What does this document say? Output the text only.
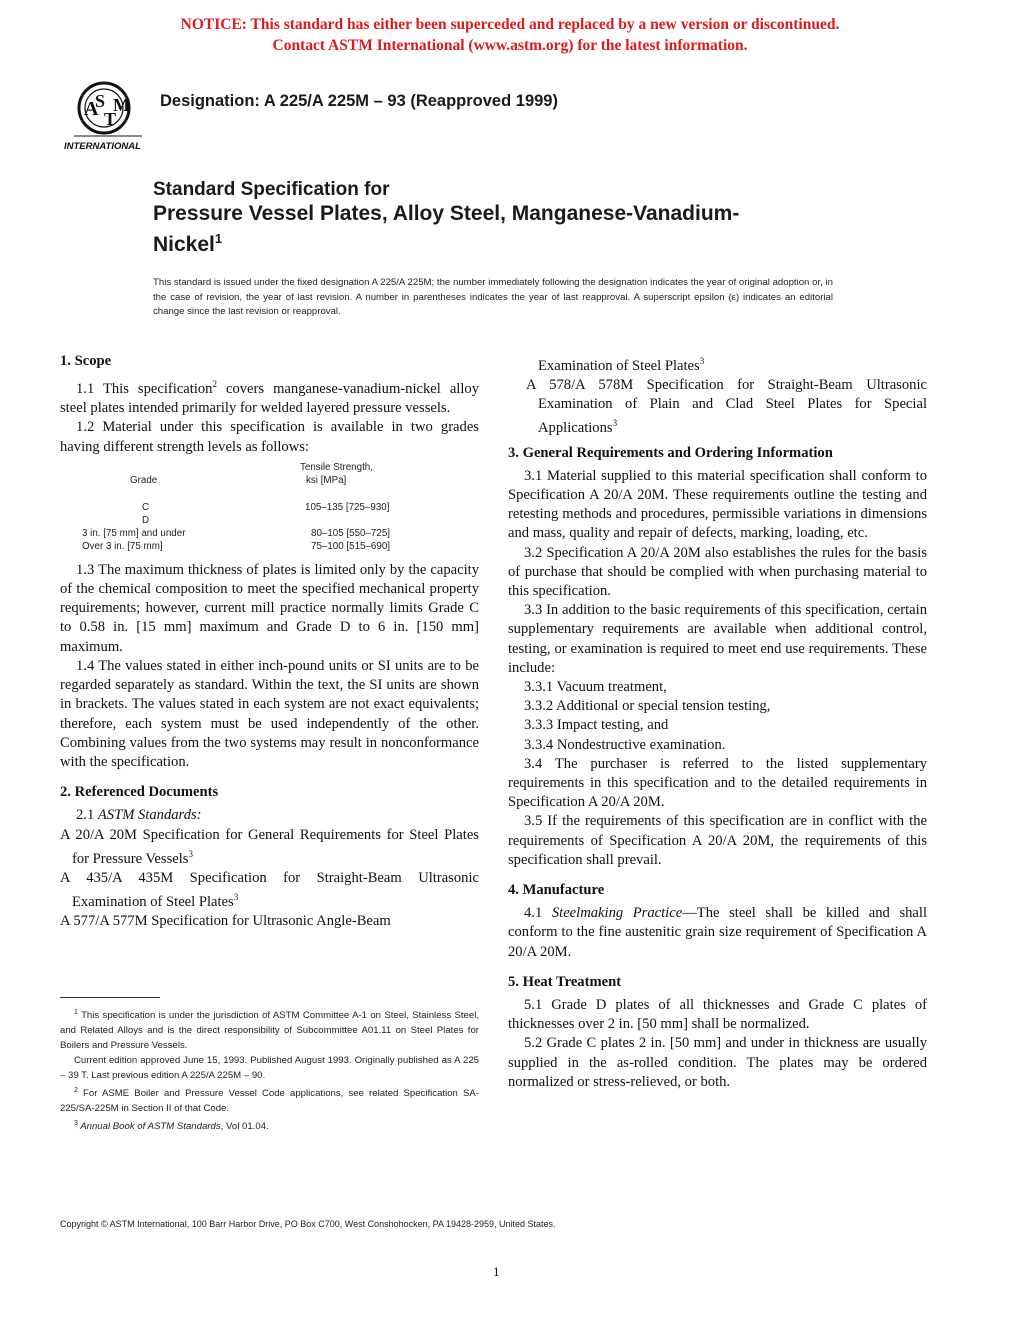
NOTICE: This standard has either been superceded and replaced by a new version or discontinued.
Contact ASTM International (www.astm.org) for the latest information.
A
S
T
M
INTERNATIONAL
Designation: A 225/A 225M – 93 (Reapproved 1999)
Standard Specification for
Pressure Vessel Plates, Alloy Steel, Manganese-Vanadium-
Nickel$^1$
This standard is issued under the fixed designation A 225/A 225M; the number immediately following the designation indicates the year of original adoption or, in the case of revision, the year of last revision. A number in parentheses indicates the year of last reapproval. A superscript epsilon (ε) indicates an editorial change since the last revision or reapproval.
1. Scope

1.1 This specification$^2$ covers manganese-vanadium-nickel alloy steel plates intended primarily for welded layered pressure vessels.

1.2 Material under this specification is available in two grades having different strength levels as follows:

Tensile Strength,
Grade	ksi [MPa]
C	105–135 [725–930]
D
3 in. [75 mm] and under	80–105 [550–725]
Over 3 in. [75 mm]	75–100 [515–690]

1.3 The maximum thickness of plates is limited only by the capacity of the chemical composition to meet the specified mechanical property requirements; however, current mill practice normally limits Grade C to 0.58 in. [15 mm] maximum and Grade D to 6 in. [150 mm] maximum.

1.4 The values stated in either inch-pound units or SI units are to be regarded separately as standard. Within the text, the SI units are shown in brackets. The values stated in each system are not exact equivalents; therefore, each system must be used independently of the other. Combining values from the two systems may result in nonconformance with the specification.

2. Referenced Documents

2.1 ASTM Standards:

A 20/A 20M Specification for General Requirements for Steel Plates for Pressure Vessels$^3$

A 435/A 435M Specification for Straight-Beam Ultrasonic Examination of Steel Plates$^3$

A 577/A 577M Specification for Ultrasonic Angle-Beam

Examination of Steel Plates$^3$

A 578/A 578M Specification for Straight-Beam Ultrasonic Examination of Plain and Clad Steel Plates for Special Applications$^3$

3. General Requirements and Ordering Information

3.1 Material supplied to this material specification shall conform to Specification A 20/A 20M. These requirements outline the testing and retesting methods and procedures, permissible variations in dimensions and mass, quality and repair of defects, marking, loading, etc.

3.2 Specification A 20/A 20M also establishes the rules for the basis of purchase that should be complied with when purchasing material to this specification.

3.3 In addition to the basic requirements of this specification, certain supplementary requirements are available when additional control, testing, or examination is required to meet end use requirements. These include:

3.3.1 Vacuum treatment,

3.3.2 Additional or special tension testing,

3.3.3 Impact testing, and

3.3.4 Nondestructive examination.

3.4 The purchaser is referred to the listed supplementary requirements in this specification and to the detailed requirements in Specification A 20/A 20M.

3.5 If the requirements of this specification are in conflict with the requirements of Specification A 20/A 20M, the requirements of this specification shall prevail.

4. Manufacture

4.1 Steelmaking Practice—The steel shall be killed and shall conform to the fine austenitic grain size requirement of Specification A 20/A 20M.

5. Heat Treatment

5.1 Grade D plates of all thicknesses and Grade C plates of thicknesses over 2 in. [50 mm] shall be normalized.

5.2 Grade C plates 2 in. [50 mm] and under in thickness are usually supplied in the as-rolled condition. The plates may be ordered normalized or stress-relieved, or both.

$^1$ This specification is under the jurisdiction of ASTM Committee A-1 on Steel, Stainless Steel, and Related Alloys and is the direct responsibility of Subcommittee A01.11 on Steel Plates for Boilers and Pressure Vessels.

Current edition approved June 15, 1993. Published August 1993. Originally published as A 225 – 39 T. Last previous edition A 225/A 225M – 90.

$^2$ For ASME Boiler and Pressure Vessel Code applications, see related Specification SA-225/SA-225M in Section II of that Code.

$^3$ Annual Book of ASTM Standards, Vol 01.04.

Copyright © ASTM International, 100 Barr Harbor Drive, PO Box C700, West Conshohocken, PA 19428-2959, United States.
1
